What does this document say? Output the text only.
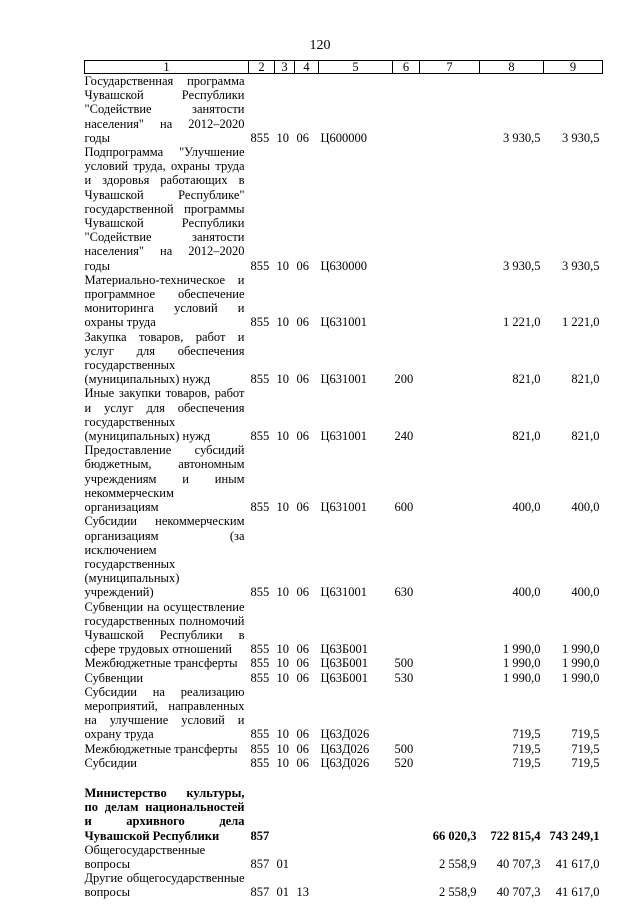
120
1	2	3	4	5	6	7	8	9
Государственная программа Чувашской Республики "Содействие занятости населения" на 2012–2020 годы	855	10	06	Ц600000			3 930,5	3 930,5
Подпрограмма "Улучшение условий труда, охраны труда и здоровья работающих в Чувашской Республике" государственной программы Чувашской Республики "Содействие занятости населения" на 2012–2020 годы	855	10	06	Ц630000			3 930,5	3 930,5
Материально-техническое и программное обеспечение мониторинга условий и охраны труда	855	10	06	Ц631001			1 221,0	1 221,0
Закупка товаров, работ и услуг для обеспечения государственных (муниципальных) нужд	855	10	06	Ц631001	200		821,0	821,0
Иные закупки товаров, работ и услуг для обеспечения государственных (муниципальных) нужд	855	10	06	Ц631001	240		821,0	821,0
Предоставление субсидий бюджетным, автономным учреждениям и иным некоммерческим организациям	855	10	06	Ц631001	600		400,0	400,0
Субсидии некоммерческим организациям (за исключением государственных (муниципальных) учреждений)	855	10	06	Ц631001	630		400,0	400,0
Субвенции на осуществление государственных полномочий Чувашской Республики в сфере трудовых отношений	855	10	06	Ц63Б001			1 990,0	1 990,0
Межбюджетные трансферты	855	10	06	Ц63Б001	500		1 990,0	1 990,0
Субвенции	855	10	06	Ц63Б001	530		1 990,0	1 990,0
Субсидии на реализацию мероприятий, направленных на улучшение условий и охрану труда	855	10	06	Ц63Д026			719,5	719,5
Межбюджетные трансферты	855	10	06	Ц63Д026	500		719,5	719,5
Субсидии	855	10	06	Ц63Д026	520		719,5	719,5

Министерство культуры, по делам национальностей и архивного дела Чувашской Республики	857					66 020,3	722 815,4	743 249,1
Общегосударственные вопросы	857	01				2 558,9	40 707,3	41 617,0
Другие общегосударственные вопросы	857	01	13			2 558,9	40 707,3	41 617,0
